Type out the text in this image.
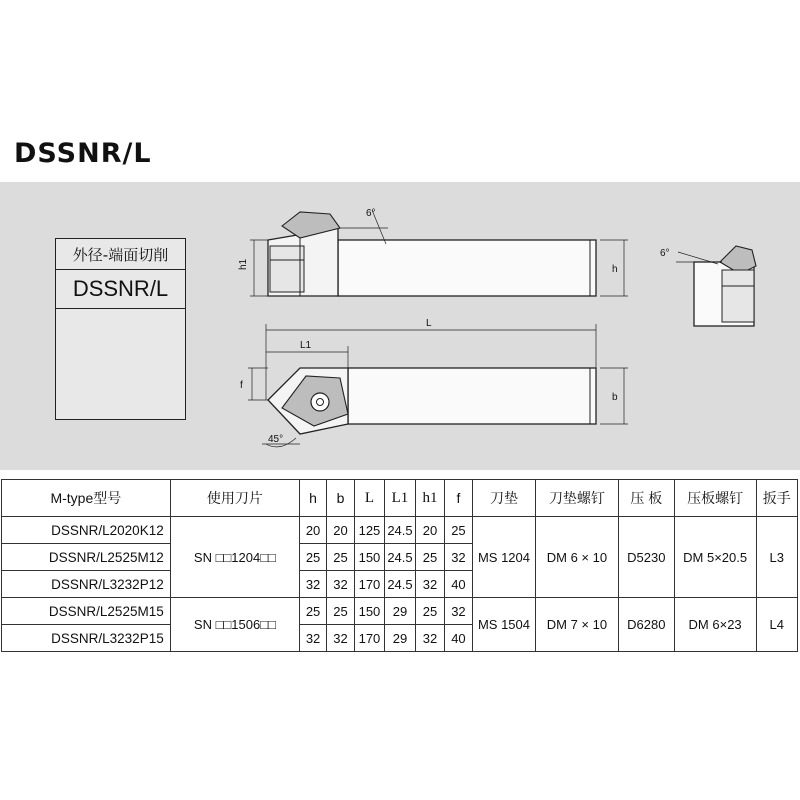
DSSNR/L
h1	h
6°
6°
L
L1
f
b
45°
外径-端面切削
DSSNR/L
M-type型号	使用刀片	h	b	L	L1	h1	f	刀垫	刀垫螺钉	压 板	压板螺钉	扳手
DSSNR/L2020K12	SN □□1204□□	20	20	125	24.5	20	25	MS 1204	DM 6 × 10	D5230	DM 5×20.5	L3
DSSNR/L2525M12		25	25	150	24.5	25	32					
DSSNR/L3232P12		32	32	170	24.5	32	40					
DSSNR/L2525M15	SN □□1506□□	25	25	150	29	25	32	MS 1504	DM 7 × 10	D6280	DM 6×23	L4
DSSNR/L3232P15		32	32	170	29	32	40					
